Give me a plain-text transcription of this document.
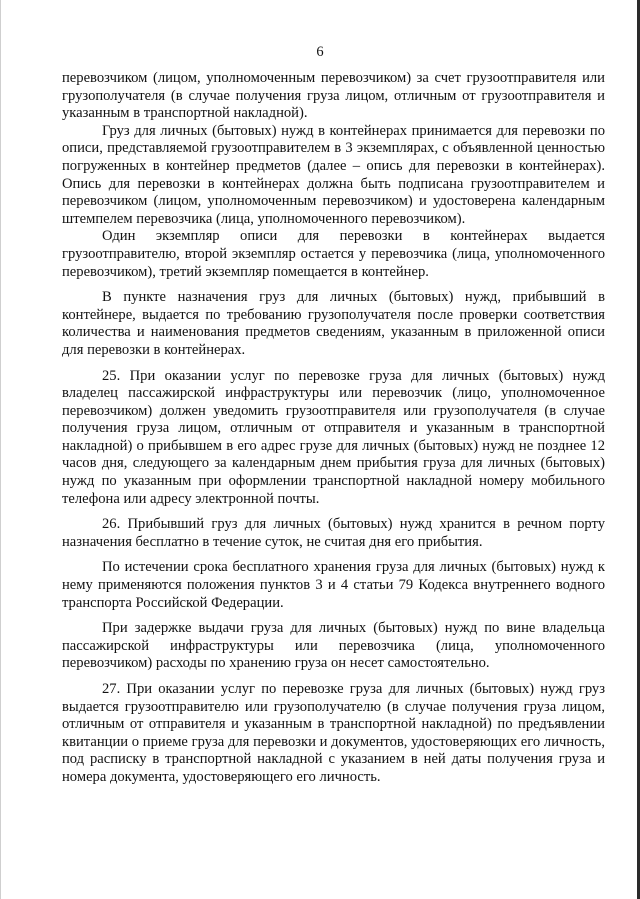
6

перевозчиком (лицом, уполномоченным перевозчиком) за счет грузоотправителя или грузополучателя (в случае получения груза лицом, отличным от грузоотправителя и указанным в транспортной накладной).

Груз для личных (бытовых) нужд в контейнерах принимается для перевозки по описи, представляемой грузоотправителем в 3 экземплярах, с объявленной ценностью погруженных в контейнер предметов (далее – опись для перевозки в контейнерах). Опись для перевозки в контейнерах должна быть подписана грузоотправителем и перевозчиком (лицом, уполномоченным перевозчиком) и удостоверена календарным штемпелем перевозчика (лица, уполномоченного перевозчиком).

Один экземпляр описи для перевозки в контейнерах выдается грузоотправителю, второй экземпляр остается у перевозчика (лица, уполномоченного перевозчиком), третий экземпляр помещается в контейнер.

В пункте назначения груз для личных (бытовых) нужд, прибывший в контейнере, выдается по требованию грузополучателя после проверки соответствия количества и наименования предметов сведениям, указанным в приложенной описи для перевозки в контейнерах.

25. При оказании услуг по перевозке груза для личных (бытовых) нужд владелец пассажирской инфраструктуры или перевозчик (лицо, уполномоченное перевозчиком) должен уведомить грузоотправителя или грузополучателя (в случае получения груза лицом, отличным от отправителя и указанным в транспортной накладной) о прибывшем в его адрес грузе для личных (бытовых) нужд не позднее 12 часов дня, следующего за календарным днем прибытия груза для личных (бытовых) нужд по указанным при оформлении транспортной накладной номеру мобильного телефона или адресу электронной почты.

26. Прибывший груз для личных (бытовых) нужд хранится в речном порту назначения бесплатно в течение суток, не считая дня его прибытия.

По истечении срока бесплатного хранения груза для личных (бытовых) нужд к нему применяются положения пунктов 3 и 4 статьи 79 Кодекса внутреннего водного транспорта Российской Федерации.

При задержке выдачи груза для личных (бытовых) нужд по вине владельца пассажирской инфраструктуры или перевозчика (лица, уполномоченного перевозчиком) расходы по хранению груза он несет самостоятельно.

27. При оказании услуг по перевозке груза для личных (бытовых) нужд груз выдается грузоотправителю или грузополучателю (в случае получения груза лицом, отличным от отправителя и указанным в транспортной накладной) по предъявлении квитанции о приеме груза для перевозки и документов, удостоверяющих его личность, под расписку в транспортной накладной с указанием в ней даты получения груза и номера документа, удостоверяющего его личность.
